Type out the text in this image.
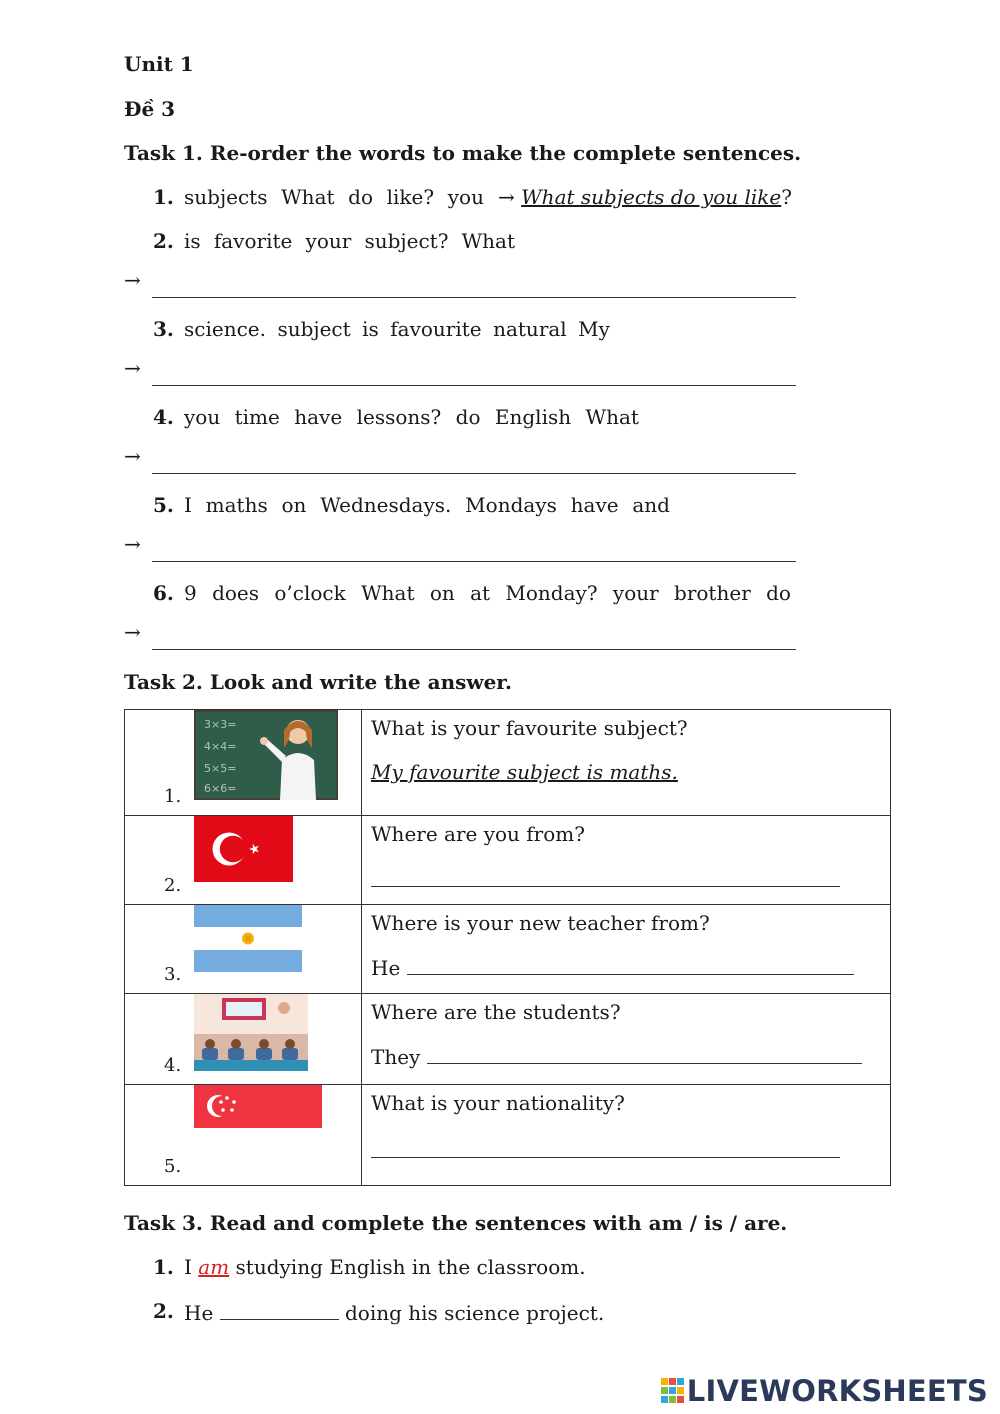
Unit 1
Đề 3
Task 1. Re-order the words to make the complete sentences.
1. subjects What do like? you → What subjects do you like?
2. is favorite your subject? What
→
3. science. subject is favourite natural My
→
4. you time have lessons? do English What
→
5. I maths on Wednesdays. Mondays have and
→
6. 9 does o’clock What on at Monday? your brother do
→
Task 2. Look and write the answer.
3×3=
4×4=
5×5=
6×6=
1.	What is your favourite subject?
My favourite subject is maths.

2.	Where are you from?

3.	Where is your new teacher from?
He

4.	Where are the students?
They

5.	What is your nationality?
Task 3. Read and complete the sentences with am / is / are.
1. I am studying English in the classroom.
2. He	doing his science project.
LIVEWORKSHEETS
